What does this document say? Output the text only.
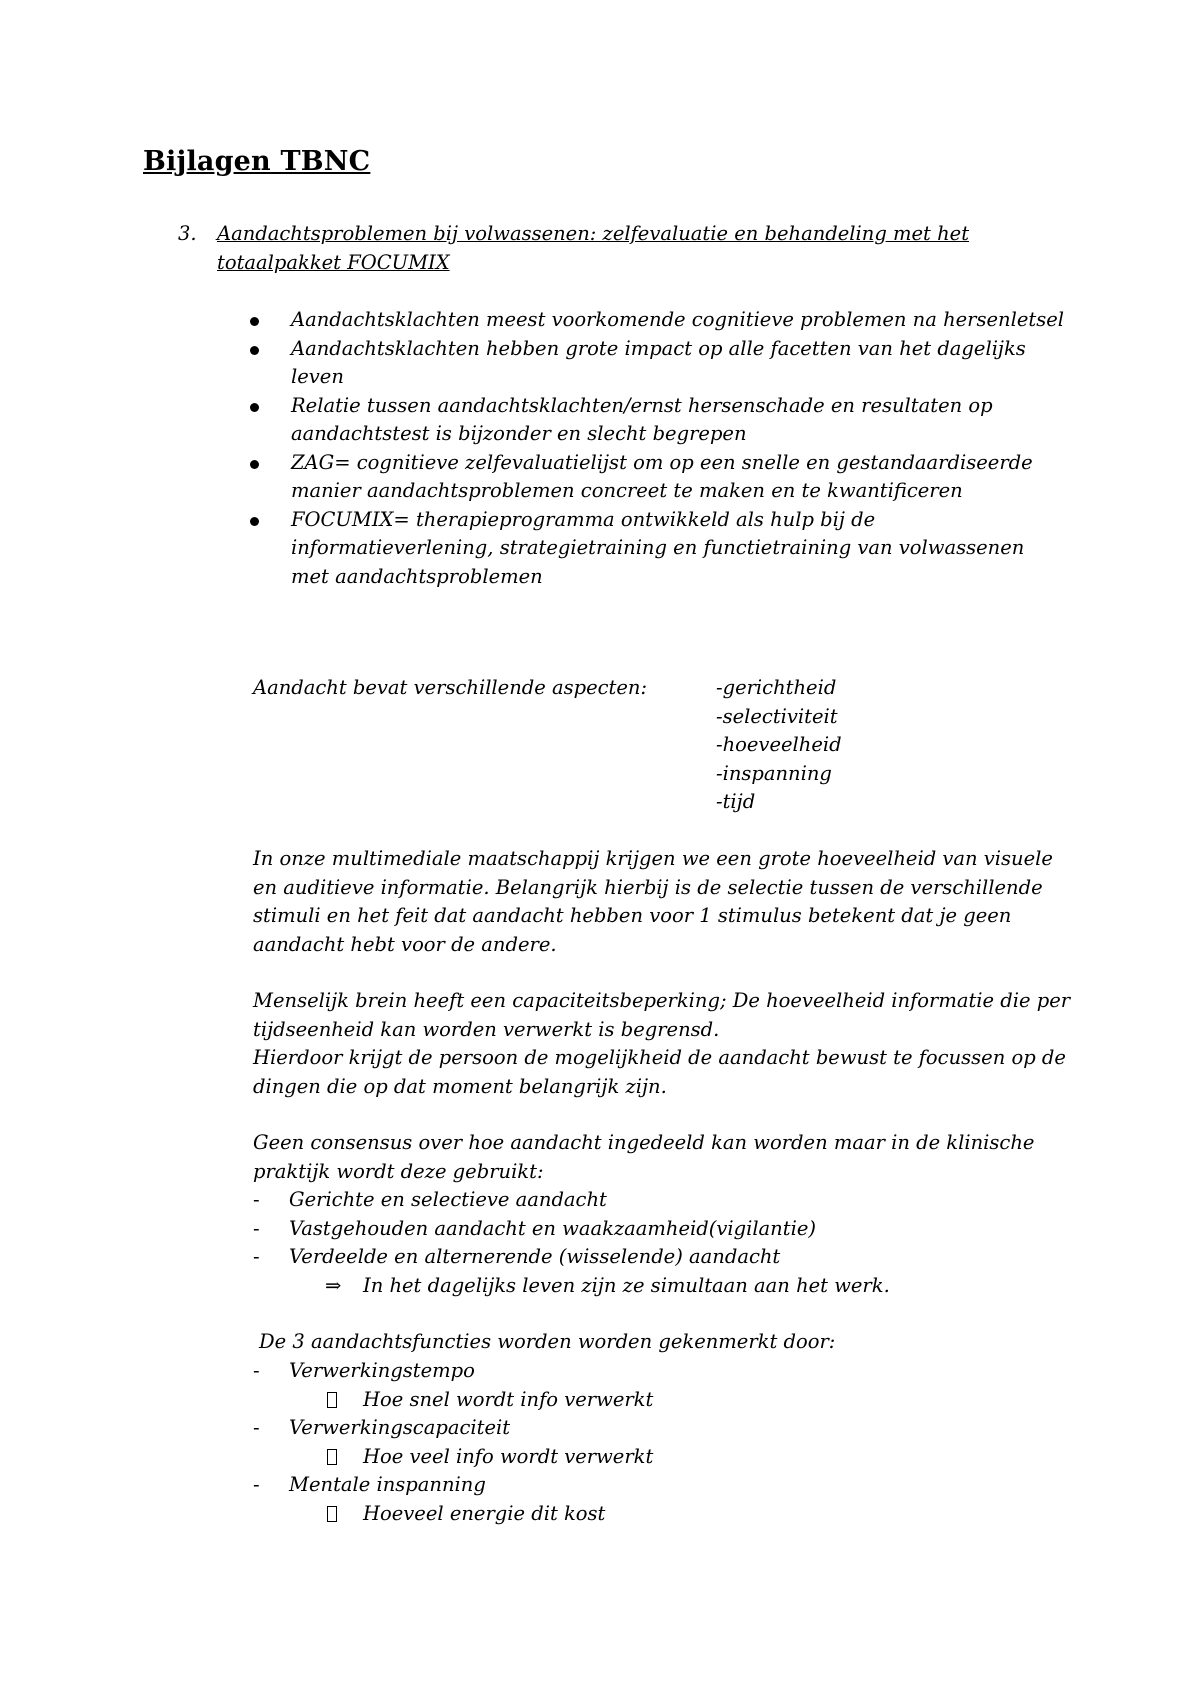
Bijlagen TBNC
3. Aandachtsproblemen bij volwassenen: zelfevaluatie en behandeling met het totaalpakket FOCUMIX
Aandachtsklachten meest voorkomende cognitieve problemen na hersenletsel
Aandachtsklachten hebben grote impact op alle facetten van het dagelijks leven
Relatie tussen aandachtsklachten/ernst hersenschade en resultaten op aandachtstest is bijzonder en slecht begrepen
ZAG= cognitieve zelfevaluatielijst om op een snelle en gestandaardiseerde manier aandachtsproblemen concreet te maken en te kwantificeren
FOCUMIX= therapieprogramma ontwikkeld als hulp bij de informatieverlening, strategietraining en functietraining van volwassenen met aandachtsproblemen
Aandacht bevat verschillende aspecten:	-gerichtheid
-selectiviteit
-hoeveelheid
-inspanning
-tijd
In onze multimediale maatschappij krijgen we een grote hoeveelheid van visuele en auditieve informatie. Belangrijk hierbij is de selectie tussen de verschillende stimuli en het feit dat aandacht hebben voor 1 stimulus betekent dat je geen aandacht hebt voor de andere.
Menselijk brein heeft een capaciteitsbeperking; De hoeveelheid informatie die per tijdseenheid kan worden verwerkt is begrensd.
Hierdoor krijgt de persoon de mogelijkheid de aandacht bewust te focussen op de dingen die op dat moment belangrijk zijn.
Geen consensus over hoe aandacht ingedeeld kan worden maar in de klinische praktijk wordt deze gebruikt:
- Gerichte en selectieve aandacht
- Vastgehouden aandacht en waakzaamheid(vigilantie)
- Verdeelde en alternerende (wisselende) aandacht
⇒ In het dagelijks leven zijn ze simultaan aan het werk.
De 3 aandachtsfuncties worden worden gekenmerkt door:
- Verwerkingstempo
Hoe snel wordt info verwerkt
- Verwerkingscapaciteit
Hoe veel info wordt verwerkt
- Mentale inspanning
Hoeveel energie dit kost
